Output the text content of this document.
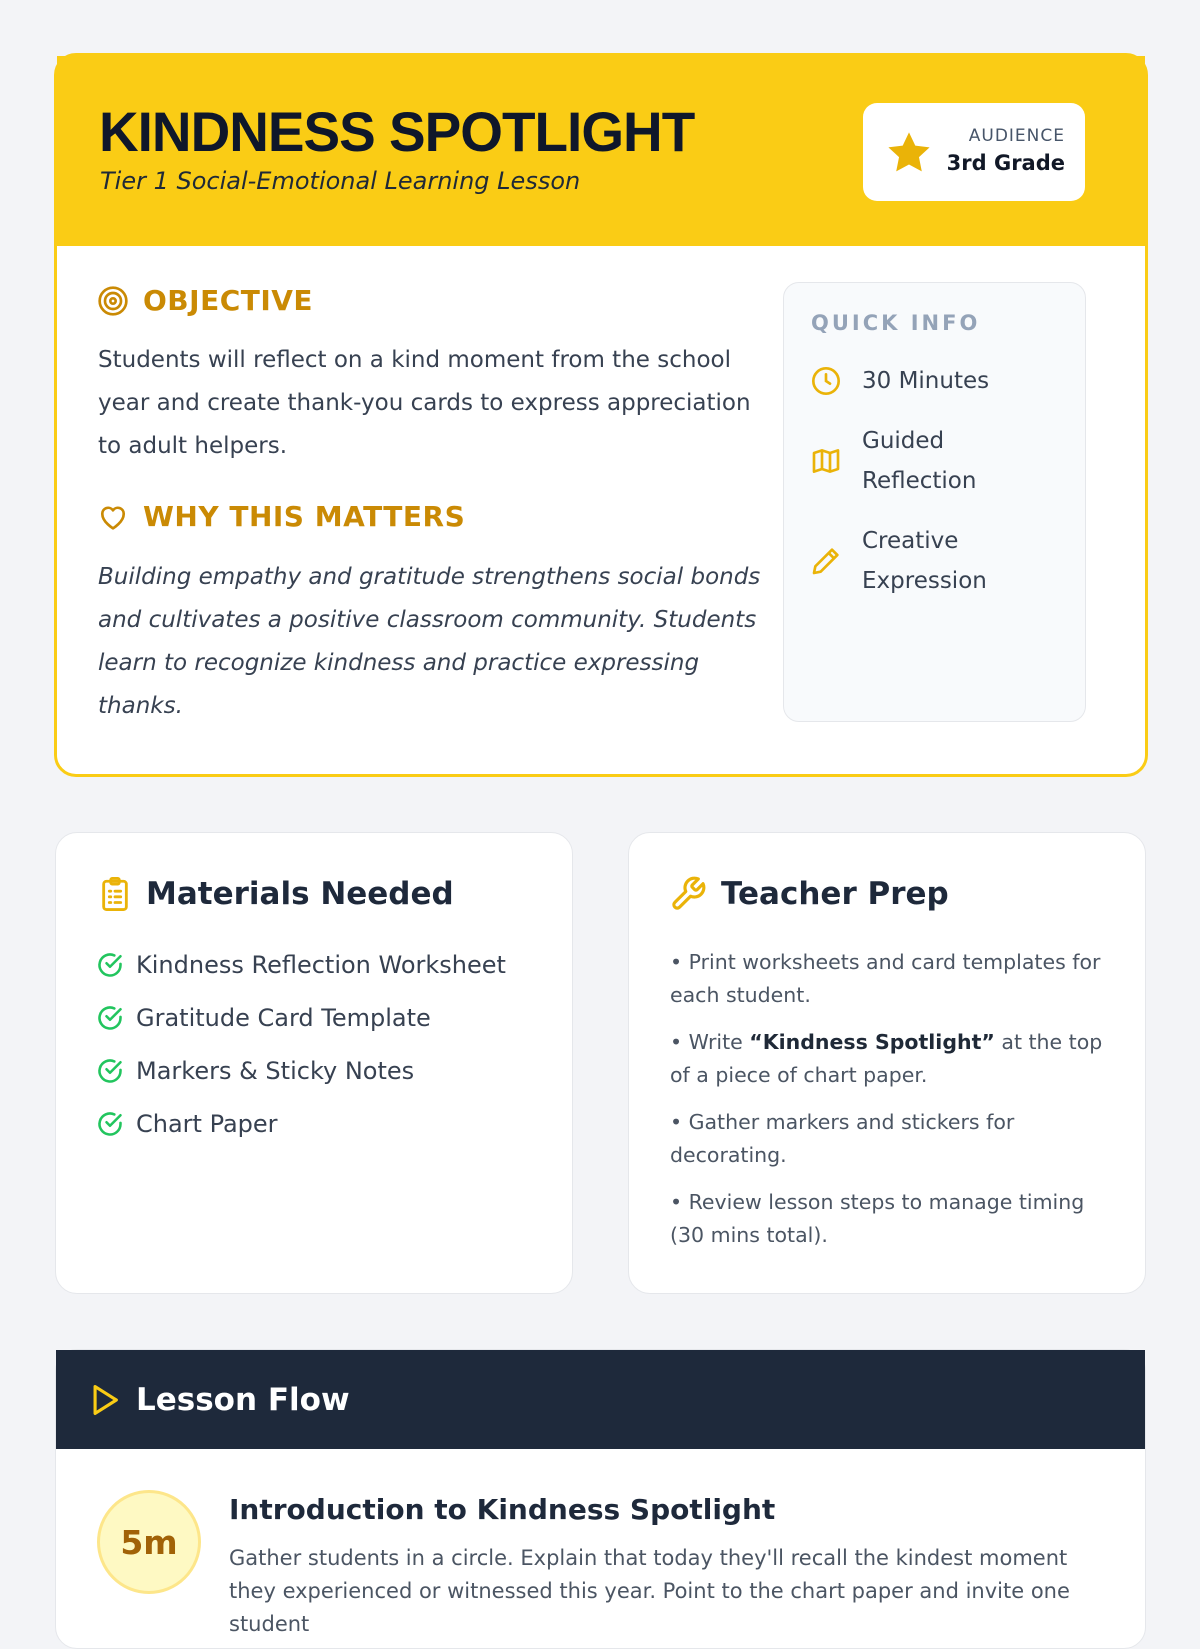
KINDNESS SPOTLIGHT
Tier 1 Social-Emotional Learning Lesson
AUDIENCE
3rd Grade
OBJECTIVE
Students will reflect on a kind moment from the school year and create thank-you cards to express appreciation to adult helpers.
WHY THIS MATTERS
Building empathy and gratitude strengthens social bonds and cultivates a positive classroom community. Students learn to recognize kindness and practice expressing thanks.
QUICK INFO
30 Minutes
Guided Reflection
Creative Expression
Materials Needed
Kindness Reflection Worksheet
Gratitude Card Template
Markers & Sticky Notes
Chart Paper
Teacher Prep
• Print worksheets and card templates for each student.
• Write “Kindness Spotlight” at the top of a piece of chart paper.
• Gather markers and stickers for decorating.
• Review lesson steps to manage timing (30 mins total).
Lesson Flow
5m
Introduction to Kindness Spotlight
Gather students in a circle. Explain that today they'll recall the kindest moment they experienced or witnessed this year. Point to the chart paper and invite one student
